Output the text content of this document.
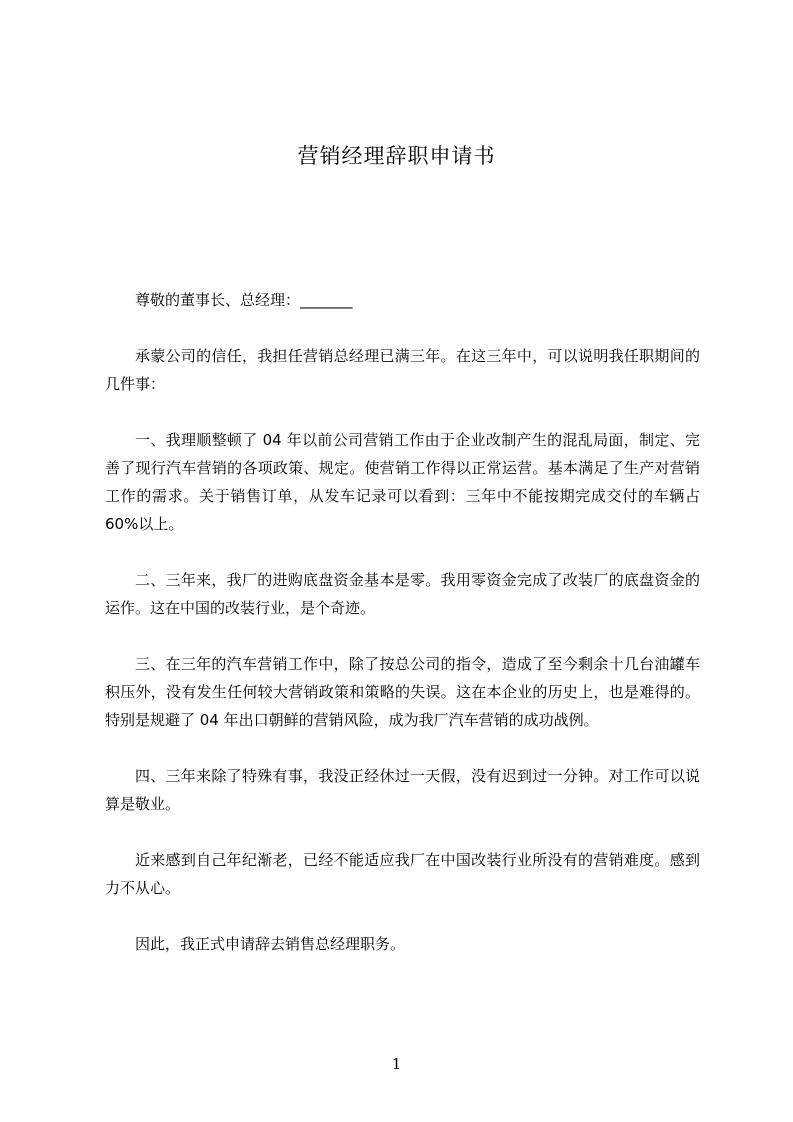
营销经理辞职申请书

尊敬的董事长、总经理：_______

承蒙公司的信任，我担任营销总经理已满三年。在这三年中，可以说明我任职期间的几件事：

一、我理顺整顿了 04 年以前公司营销工作由于企业改制产生的混乱局面，制定、完善了现行汽车营销的各项政策、规定。使营销工作得以正常运营。基本满足了生产对营销工作的需求。关于销售订单，从发车记录可以看到：三年中不能按期完成交付的车辆占 60%以上。

二、三年来，我厂的进购底盘资金基本是零。我用零资金完成了改装厂的底盘资金的运作。这在中国的改装行业，是个奇迹。

三、在三年的汽车营销工作中，除了按总公司的指令，造成了至今剩余十几台油罐车积压外，没有发生任何较大营销政策和策略的失误。这在本企业的历史上，也是难得的。特别是规避了 04 年出口朝鲜的营销风险，成为我厂汽车营销的成功战例。

四、三年来除了特殊有事，我没正经休过一天假，没有迟到过一分钟。对工作可以说算是敬业。

近来感到自己年纪渐老，已经不能适应我厂在中国改装行业所没有的营销难度。感到力不从心。

因此，我正式申请辞去销售总经理职务。

1
